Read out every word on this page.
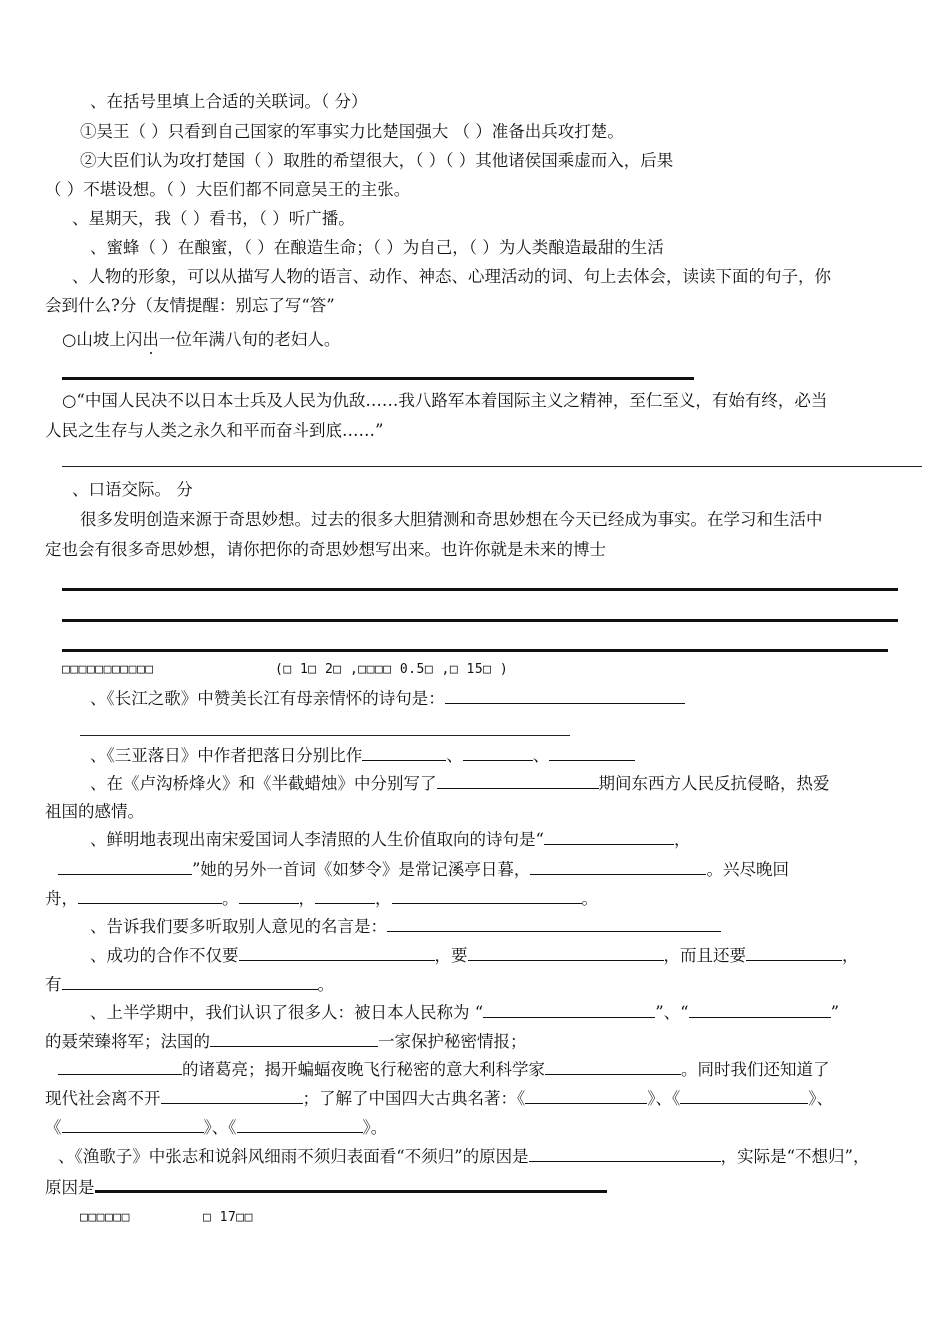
、在括号里填上合适的关联词。（ 分）
①吴王（ ）只看到自己国家的军事实力比楚国强大 （ ）准备出兵攻打楚。
②大臣们认为攻打楚国（ ）取胜的希望很大，（ ）（ ）其他诸侯国乘虚而入，后果
（ ）不堪设想。（ ）大臣们都不同意吴王的主张。
、星期天，我（ ）看书，（ ）听广播。
、蜜蜂（ ）在酿蜜，（ ）在酿造生命；（ ）为自己，（ ）为人类酿造最甜的生活
、人物的形象，可以从描写人物的语言、动作、神态、心理活动的词、句上去体会，读读下面的句子，你
会到什么?分（友情提醒：别忘了写“答”
○山坡上闪出一位年满八旬的老妇人。
○“中国人民决不以日本士兵及人民为仇敌……我八路军本着国际主义之精神，至仁至义，有始有终，必当
人民之生存与人类之永久和平而奋斗到底……”
、口语交际。 分
很多发明创造来源于奇思妙想。过去的很多大胆猜测和奇思妙想在今天已经成为事实。在学习和生活中
定也会有很多奇思妙想，请你把你的奇思妙想写出来。也许你就是未来的博士
□□□□□□□□□□□	(□ 1□ 2□ ,□□□□ 0.5□ ,□ 15□ )
、《长江之歌》中赞美长江有母亲情怀的诗句是：
、《三亚落日》中作者把落日分别比作	、	、
、在《卢沟桥烽火》和《半截蜡烛》中分别写了	期间东西方人民反抗侵略，热爱
祖国的感情。
、鲜明地表现出南宋爱国词人李清照的人生价值取向的诗句是“	，
”她的另外一首词《如梦令》是常记溪亭日暮，	。兴尽晚回
舟，	。	，	，	。
、告诉我们要多听取别人意见的名言是：
、成功的合作不仅要	，要	，而且还要	，
有	。
、上半学期中，我们认识了很多人：被日本人民称为 “	”、“	”
的聂荣臻将军；法国的	一家保护秘密情报；
的诸葛亮；揭开蝙蝠夜晚飞行秘密的意大利科学家	。同时我们还知道了
现代社会离不开	；了解了中国四大古典名著：《	》、《	》、
《	》、《	》。
、《渔歌子》中张志和说斜风细雨不须归表面看“不须归”的原因是	，实际是“不想归”，
原因是
□□□□□□	□ 17□□
